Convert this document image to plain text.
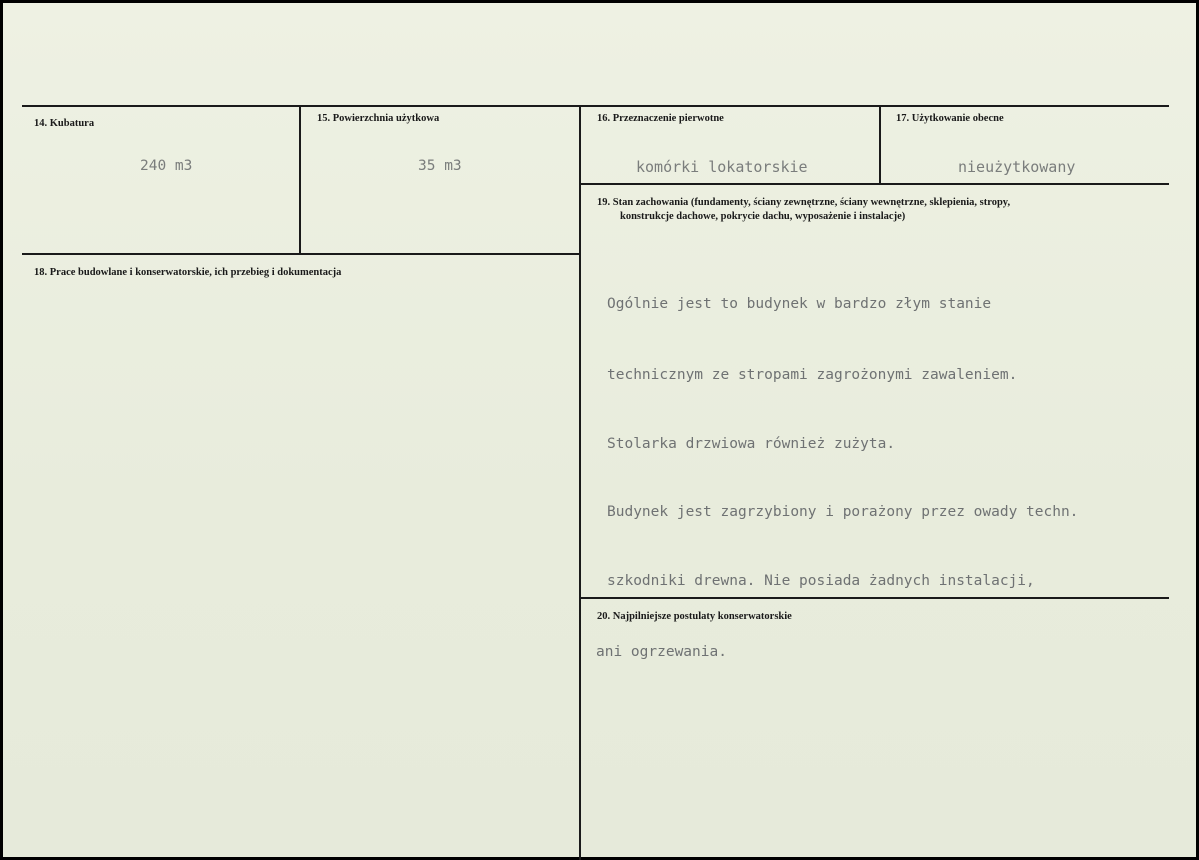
14. Kubatura
240 m3
15. Powierzchnia użytkowa
35 m3
16. Przeznaczenie pierwotne
komórki lokatorskie
17. Użytkowanie obecne
nieużytkowany
18. Prace budowlane i konserwatorskie, ich przebieg i dokumentacja
19. Stan zachowania (fundamenty, ściany zewnętrzne, ściany wewnętrzne, sklepienia, stropy,
konstrukcje dachowe, pokrycie dachu, wyposażenie i instalacje)

Ogólnie jest to budynek w bardzo złym stanie

technicznym ze stropami zagrożonymi zawaleniem.

Stolarka drzwiowa również zużyta.

Budynek jest zagrzybiony i porażony przez owady techn.

szkodniki drewna. Nie posiada żadnych instalacji,

ani ogrzewania.

20. Najpilniejsze postulaty konserwatorskie
